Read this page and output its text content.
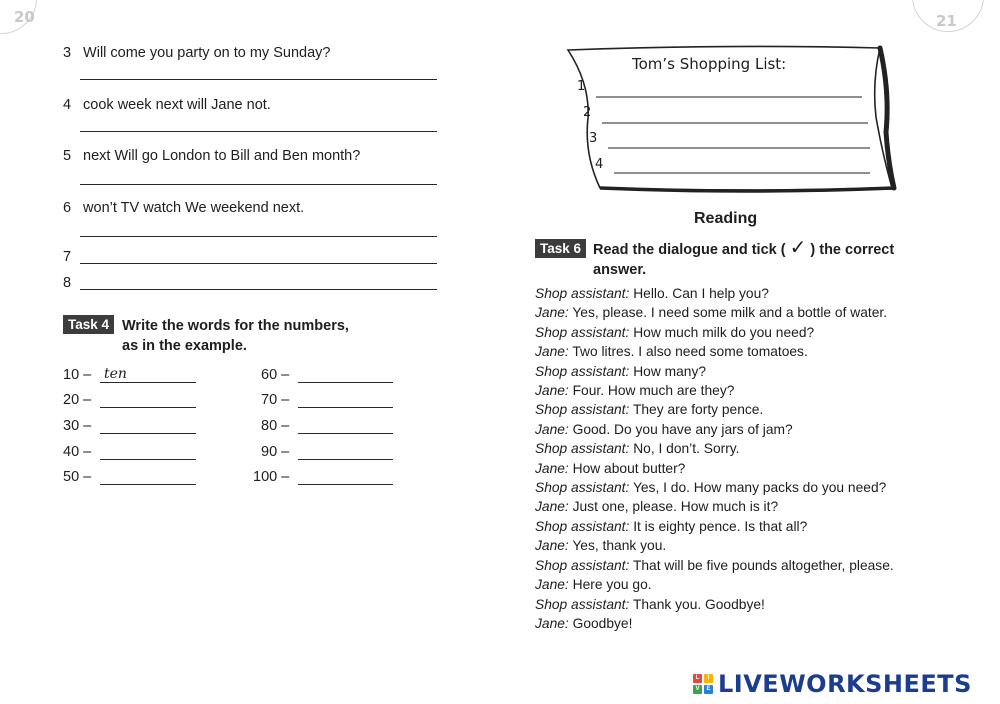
20
3 Will come you party on to my Sunday?
4 cook week next will Jane not.
5 next Will go London to Bill and Ben month?
6 won’t TV watch We weekend next.
7
8
Task 4 Write the words for the numbers,
as in the example.
10 – ten
20 –
30 –
40 –
50 –
60 –
70 –
80 –
90 –
100 –
21
Tom’s Shopping List:
1
2
3
4
Reading
Task 6 Read the dialogue and tick ( ✓ ) the correct
answer.
Shop assistant: Hello. Can I help you?
Jane: Yes, please. I need some milk and a bottle of water.
Shop assistant: How much milk do you need?
Jane: Two litres. I also need some tomatoes.
Shop assistant: How many?
Jane: Four. How much are they?
Shop assistant: They are forty pence.
Jane: Good. Do you have any jars of jam?
Shop assistant: No, I don’t. Sorry.
Jane: How about butter?
Shop assistant: Yes, I do. How many packs do you need?
Jane: Just one, please. How much is it?
Shop assistant: It is eighty pence. Is that all?
Jane: Yes, thank you.
Shop assistant: That will be five pounds altogether, please.
Jane: Here you go.
Shop assistant: Thank you. Goodbye!
Jane: Goodbye!
L	I
V	E LIVEWORKSHEETS
